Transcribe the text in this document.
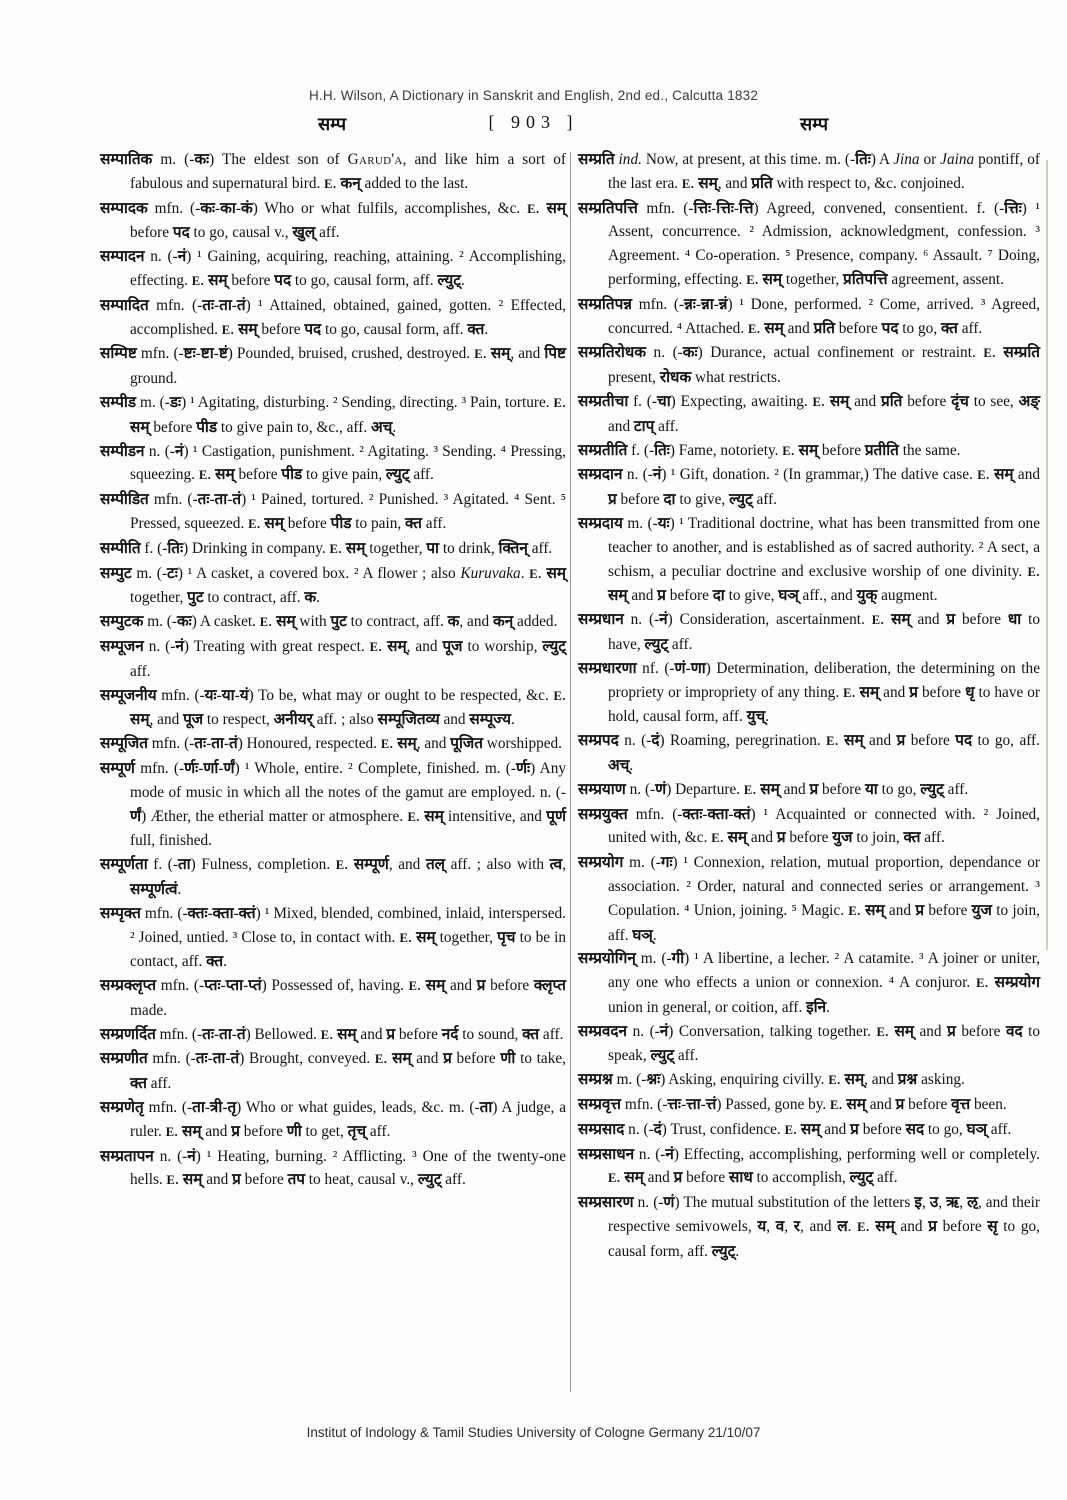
H.H. Wilson, A Dictionary in Sanskrit and English, 2nd ed., Calcutta 1832
सम्प	[ 903 ]	सम्प

सम्पातिक m. (-कः) The eldest son of Garud'a, and like him a sort of fabulous and supernatural bird. E. कन् added to the last.

सम्पादक mfn. (-कः-का-कं) Who or what fulfils, accomplishes, &c. E. सम् before पद to go, causal v., खुल् aff.

सम्पादन n. (-नं) ¹ Gaining, acquiring, reaching, attaining. ² Accomplishing, effecting. E. सम् before पद to go, causal form, aff. ल्युट्.

सम्पादित mfn. (-तः-ता-तं) ¹ Attained, obtained, gained, gotten. ² Effected, accomplished. E. सम् before पद to go, causal form, aff. क्त.

सम्पिष्ट mfn. (-ष्टः-ष्टा-ष्टं) Pounded, bruised, crushed, destroyed. E. सम्, and पिष्ट ground.

सम्पीड m. (-डः) ¹ Agitating, disturbing. ² Sending, directing. ³ Pain, torture. E. सम् before पीड to give pain to, &c., aff. अच्.

सम्पीडन n. (-नं) ¹ Castigation, punishment. ² Agitating. ³ Sending. ⁴ Pressing, squeezing. E. सम् before पीड to give pain, ल्युट् aff.

सम्पीडित mfn. (-तः-ता-तं) ¹ Pained, tortured. ² Punished. ³ Agitated. ⁴ Sent. ⁵ Pressed, squeezed. E. सम् before पीड to pain, क्त aff.

सम्पीति f. (-तिः) Drinking in company. E. सम् together, पा to drink, क्तिन् aff.

सम्पुट m. (-टः) ¹ A casket, a covered box. ² A flower ; also Kuruvaka. E. सम् together, पुट to contract, aff. क.

सम्पुटक m. (-कः) A casket. E. सम् with पुट to contract, aff. क, and कन् added.

सम्पूजन n. (-नं) Treating with great respect. E. सम्, and पूज to worship, ल्युट् aff.

सम्पूजनीय mfn. (-यः-या-यं) To be, what may or ought to be respected, &c. E. सम्, and पूज to respect, अनीयर् aff. ; also सम्पूजितव्य and सम्पूज्य.

सम्पूजित mfn. (-तः-ता-तं) Honoured, respected. E. सम्, and पूजित worshipped.

सम्पूर्ण mfn. (-र्णः-र्णा-र्णं) ¹ Whole, entire. ² Complete, finished. m. (-र्णः) Any mode of music in which all the notes of the gamut are employed. n. (-र्णं) Æther, the etherial matter or atmosphere. E. सम् intensitive, and पूर्ण full, finished.

सम्पूर्णता f. (-ता) Fulness, completion. E. सम्पूर्ण, and तल् aff. ; also with त्व, सम्पूर्णत्वं.

सम्पृक्त mfn. (-क्तः-क्ता-क्तं) ¹ Mixed, blended, combined, inlaid, interspersed. ² Joined, untied. ³ Close to, in contact with. E. सम् together, पृच to be in contact, aff. क्त.

सम्प्रक्लृप्त mfn. (-प्तः-प्ता-प्तं) Possessed of, having. E. सम् and प्र before क्लृप्त made.

सम्प्रणर्दित mfn. (-तः-ता-तं) Bellowed. E. सम् and प्र before नर्द to sound, क्त aff.

सम्प्रणीत mfn. (-तः-ता-तं) Brought, conveyed. E. सम् and प्र before णी to take, क्त aff.

सम्प्रणेतृ mfn. (-ता-त्री-तृ) Who or what guides, leads, &c. m. (-ता) A judge, a ruler. E. सम् and प्र before णी to get, तृच् aff.

सम्प्रतापन n. (-नं) ¹ Heating, burning. ² Afflicting. ³ One of the twenty-one hells. E. सम् and प्र before तप to heat, causal v., ल्युट् aff.

सम्प्रति ind. Now, at present, at this time. m. (-तिः) A Jina or Jaina pontiff, of the last era. E. सम्, and प्रति with respect to, &c. conjoined.

सम्प्रतिपत्ति mfn. (-त्तिः-त्तिः-त्ति) Agreed, convened, consentient. f. (-त्तिः) ¹ Assent, concurrence. ² Admission, acknowledgment, confession. ³ Agreement. ⁴ Co-operation. ⁵ Presence, company. ⁶ Assault. ⁷ Doing, performing, effecting. E. सम् together, प्रतिपत्ति agreement, assent.

सम्प्रतिपन्न mfn. (-न्नः-न्ना-न्नं) ¹ Done, performed. ² Come, arrived. ³ Agreed, concurred. ⁴ Attached. E. सम् and प्रति before पद to go, क्त aff.

सम्प्रतिरोधक n. (-कः) Durance, actual confinement or restraint. E. सम्प्रति present, रोधक what restricts.

सम्प्रतीचा f. (-चा) Expecting, awaiting. E. सम् and प्रति before दृंच to see, अङ् and टाप् aff.

सम्प्रतीति f. (-तिः) Fame, notoriety. E. सम् before प्रतीति the same.

सम्प्रदान n. (-नं) ¹ Gift, donation. ² (In grammar,) The dative case. E. सम् and प्र before दा to give, ल्युट् aff.

सम्प्रदाय m. (-यः) ¹ Traditional doctrine, what has been transmitted from one teacher to another, and is established as of sacred authority. ² A sect, a schism, a peculiar doctrine and exclusive worship of one divinity. E. सम् and प्र before दा to give, घञ् aff., and युक् augment.

सम्प्रधान n. (-नं) Consideration, ascertainment. E. सम् and प्र before धा to have, ल्युट् aff.

सम्प्रधारणा nf. (-णं-णा) Determination, deliberation, the determining on the propriety or impropriety of any thing. E. सम् and प्र before धृ to have or hold, causal form, aff. युच्.

सम्प्रपद n. (-दं) Roaming, peregrination. E. सम् and प्र before पद to go, aff. अच्.

सम्प्रयाण n. (-णं) Departure. E. सम् and प्र before या to go, ल्युट् aff.

सम्प्रयुक्त mfn. (-क्तः-क्ता-क्तं) ¹ Acquainted or connected with. ² Joined, united with, &c. E. सम् and प्र before युज to join, क्त aff.

सम्प्रयोग m. (-गः) ¹ Connexion, relation, mutual proportion, dependance or association. ² Order, natural and connected series or arrangement. ³ Copulation. ⁴ Union, joining. ⁵ Magic. E. सम् and प्र before युज to join, aff. घञ्.

सम्प्रयोगिन् m. (-गी) ¹ A libertine, a lecher. ² A catamite. ³ A joiner or uniter, any one who effects a union or connexion. ⁴ A conjuror. E. सम्प्रयोग union in general, or coition, aff. इनि.

सम्प्रवदन n. (-नं) Conversation, talking together. E. सम् and प्र before वद to speak, ल्युट् aff.

सम्प्रश्न m. (-श्नः) Asking, enquiring civilly. E. सम्, and प्रश्न asking.

सम्प्रवृत्त mfn. (-त्तः-त्ता-त्तं) Passed, gone by. E. सम् and प्र before वृत्त been.

सम्प्रसाद n. (-दं) Trust, confidence. E. सम् and प्र before सद to go, घञ् aff.

सम्प्रसाधन n. (-नं) Effecting, accomplishing, performing well or completely. E. सम् and प्र before साध to accomplish, ल्युट् aff.

सम्प्रसारण n. (-णं) The mutual substitution of the letters इ, उ, ऋ, ऌ, and their respective semivowels, य, व, र, and ल. E. सम् and प्र before सृ to go, causal form, aff. ल्युट्.

Institut of Indology & Tamil Studies University of Cologne Germany 21/10/07
